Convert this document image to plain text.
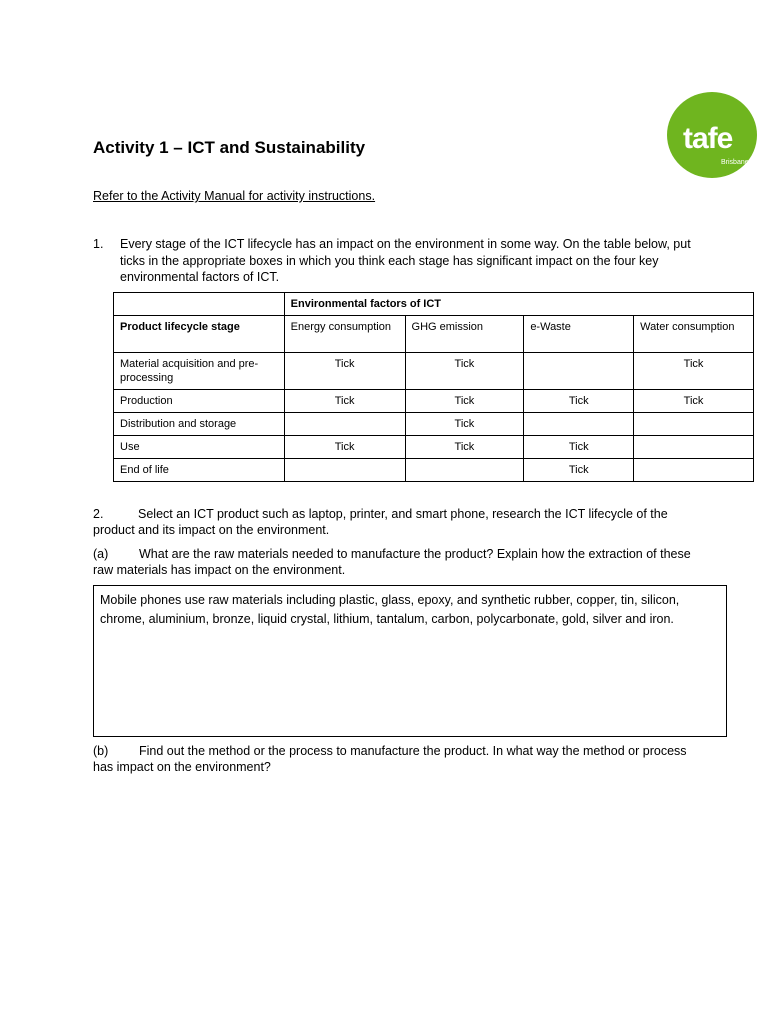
tafe
Brisbane
Activity 1 – ICT and Sustainability
Refer to the Activity Manual for activity instructions.
1. Every stage of the ICT lifecycle has an impact on the environment in some way. On the table below, put ticks in the appropriate boxes in which you think each stage has significant impact on the four key environmental factors of ICT.
	Environmental factors of ICT			
Product lifecycle stage	Energy consumption	GHG emission	e-Waste	Water consumption
Material acquisition and pre-processing	Tick	Tick		Tick
Production	Tick	Tick	Tick	Tick
Distribution and storage		Tick		
Use	Tick	Tick	Tick	
End of life			Tick	
2.	Select an ICT product such as laptop, printer, and smart phone, research the ICT lifecycle of the product and its impact on the environment.
(a) What are the raw materials needed to manufacture the product? Explain how the extraction of these raw materials has impact on the environment.
Mobile phones use raw materials including plastic, glass, epoxy, and synthetic rubber, copper, tin, silicon, chrome, aluminium, bronze, liquid crystal, lithium, tantalum, carbon, polycarbonate, gold, silver and iron.
(b) Find out the method or the process to manufacture the product. In what way the method or process has impact on the environment?
